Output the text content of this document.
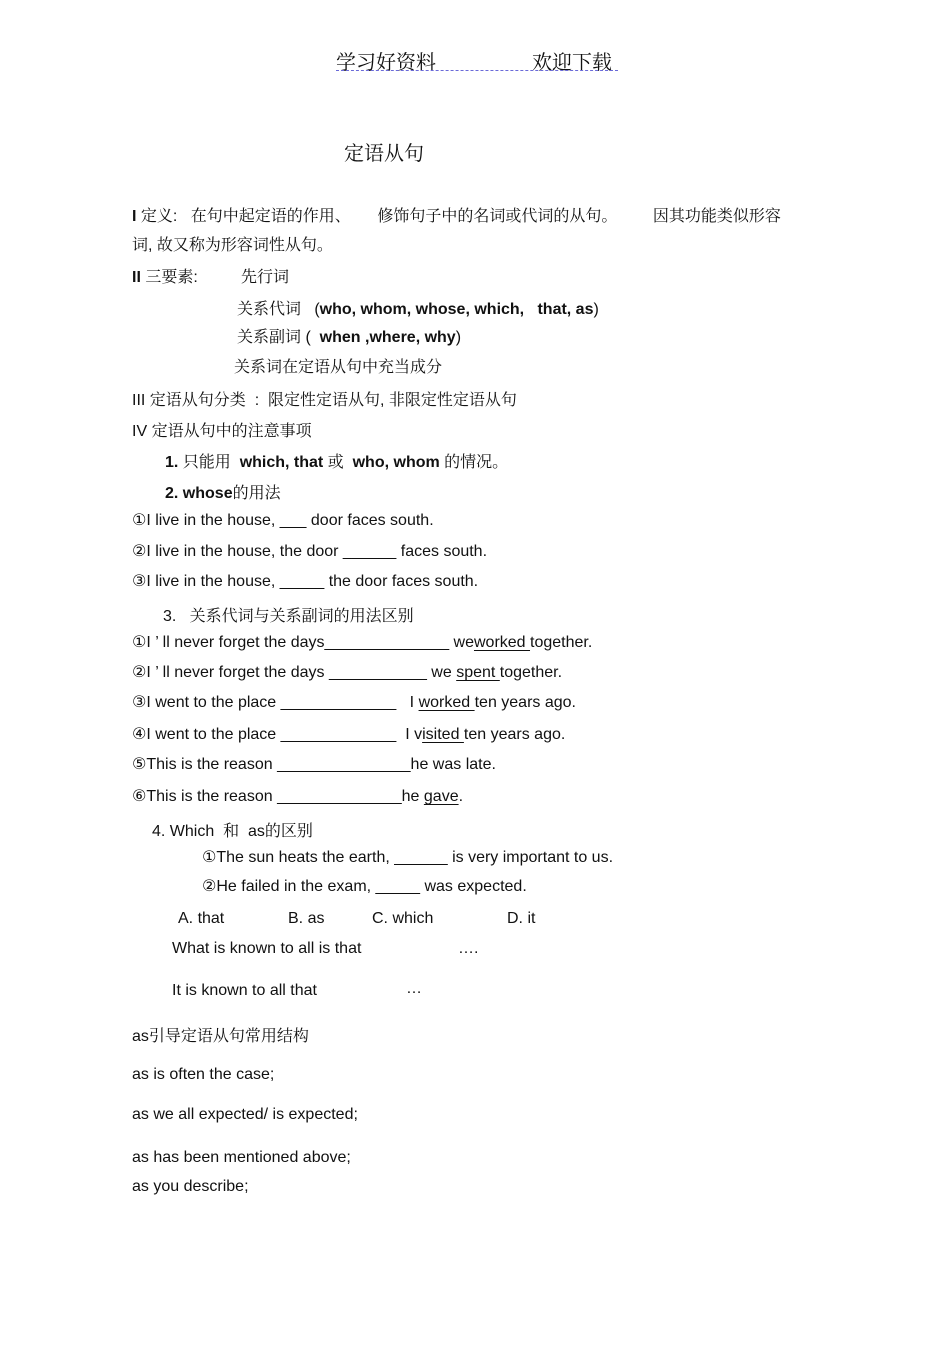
学习好资料	欢迎下载
定语从句
I 定义:   在句中起定语的作用、      修饰句子中的名词或代词的从句。        因其功能类似形容
词, 故又称为形容词性从句。
II 三要素:	先行词
关系代词   (who, whom, whose, which,   that, as)
关系副词 (  when ,where, why)
关系词在定语从句中充当成分
III 定语从句分类  :  限定性定语从句, 非限定性定语从句
IV 定语从句中的注意事项
1. 只能用  which, that 或  who, whom 的情况。
2. whose的用法
①I live in the house, ___ door faces south.
②I live in the house, the door ______ faces south.
③I live in the house, _____ the door faces south.
3.   关系代词与关系副词的用法区别
①I ’ ll never forget the days______________ weworked together.
②I ’ ll never forget the days ___________ we spent together.
③I went to the place _____________   I worked ten years ago.
④I went to the place _____________  I visited ten years ago.
⑤This is the reason _______________he was late.
⑥This is the reason ______________he gave.
4. Which  和  as的区别
①The sun heats the earth, ______ is very important to us.
②He failed in the exam, _____ was expected.
A. that	B. as	C. which	D. it
What is known to all is that	….
It is known to all that	…
as引导定语从句常用结构
as is often the case;
as we all expected/ is expected;
as has been mentioned above;
as you describe;
